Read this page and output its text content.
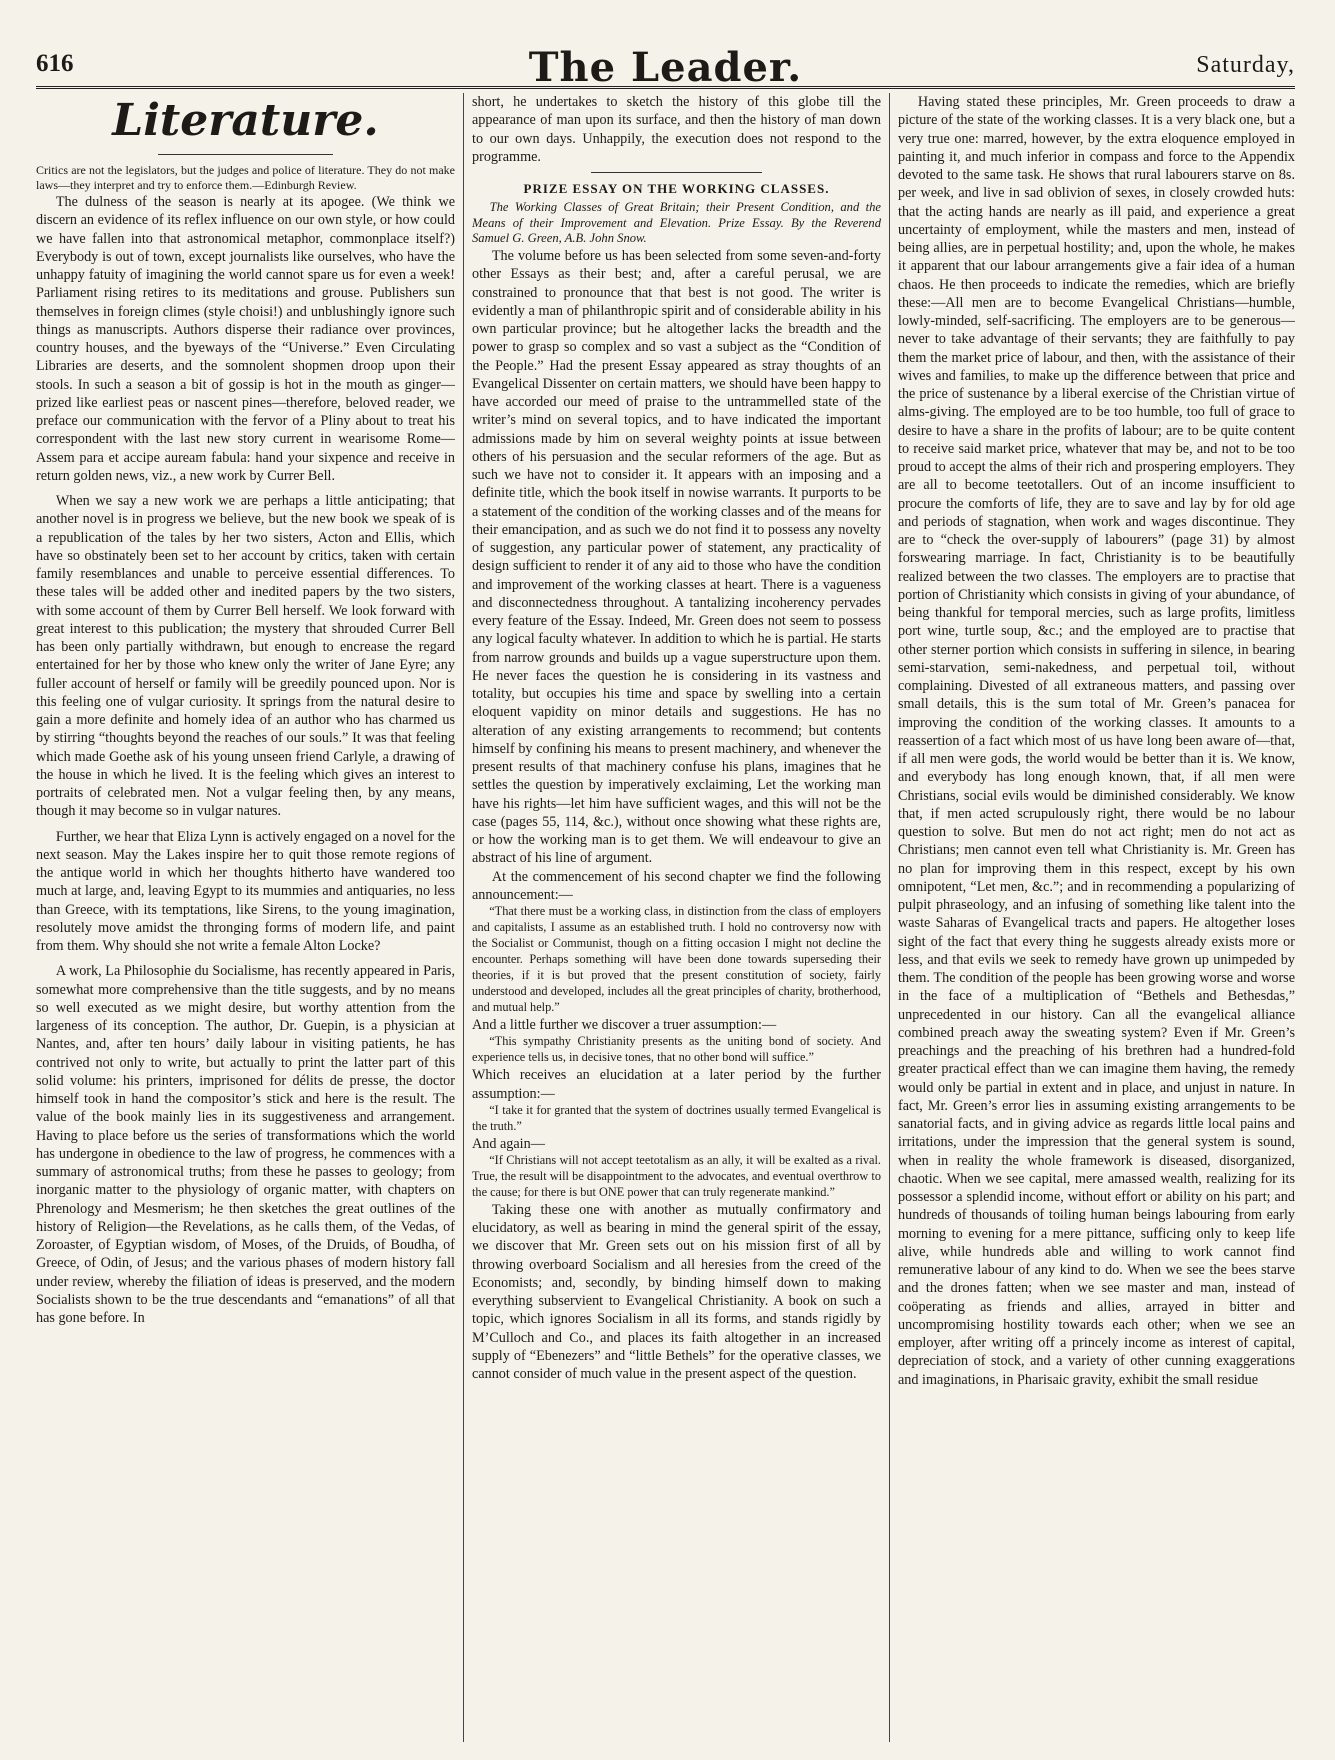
616	The Leader.	Saturday,
Literature.

Critics are not the legislators, but the judges and police of literature. They do not make laws—they interpret and try to enforce them.—Edinburgh Review.

The dulness of the season is nearly at its apogee. (We think we discern an evidence of its reflex influence on our own style, or how could we have fallen into that astronomical metaphor, commonplace itself?) Everybody is out of town, except journalists like ourselves, who have the unhappy fatuity of imagining the world cannot spare us for even a week! Parliament rising retires to its meditations and grouse. Publishers sun themselves in foreign climes (style choisi!) and unblushingly ignore such things as manuscripts. Authors disperse their radiance over provinces, country houses, and the byeways of the “Universe.” Even Circulating Libraries are deserts, and the somnolent shopmen droop upon their stools. In such a season a bit of gossip is hot in the mouth as ginger—prized like earliest peas or nascent pines—therefore, beloved reader, we preface our communication with the fervor of a Pliny about to treat his correspondent with the last new story current in wearisome Rome—Assem para et accipe auream fabula: hand your sixpence and receive in return golden news, viz., a new work by Currer Bell.

When we say a new work we are perhaps a little anticipating; that another novel is in progress we believe, but the new book we speak of is a republication of the tales by her two sisters, Acton and Ellis, which have so obstinately been set to her account by critics, taken with certain family resemblances and unable to perceive essential differences. To these tales will be added other and inedited papers by the two sisters, with some account of them by Currer Bell herself. We look forward with great interest to this publication; the mystery that shrouded Currer Bell has been only partially withdrawn, but enough to encrease the regard entertained for her by those who knew only the writer of Jane Eyre; any fuller account of herself or family will be greedily pounced upon. Nor is this feeling one of vulgar curiosity. It springs from the natural desire to gain a more definite and homely idea of an author who has charmed us by stirring “thoughts beyond the reaches of our souls.” It was that feeling which made Goethe ask of his young unseen friend Carlyle, a drawing of the house in which he lived. It is the feeling which gives an interest to portraits of celebrated men. Not a vulgar feeling then, by any means, though it may become so in vulgar natures.

Further, we hear that Eliza Lynn is actively engaged on a novel for the next season. May the Lakes inspire her to quit those remote regions of the antique world in which her thoughts hitherto have wandered too much at large, and, leaving Egypt to its mummies and antiquaries, no less than Greece, with its temptations, like Sirens, to the young imagination, resolutely move amidst the thronging forms of modern life, and paint from them. Why should she not write a female Alton Locke?

A work, La Philosophie du Socialisme, has recently appeared in Paris, somewhat more comprehensive than the title suggests, and by no means so well executed as we might desire, but worthy attention from the largeness of its conception. The author, Dr. Guepin, is a physician at Nantes, and, after ten hours’ daily labour in visiting patients, he has contrived not only to write, but actually to print the latter part of this solid volume: his printers, imprisoned for délits de presse, the doctor himself took in hand the compositor’s stick and here is the result. The value of the book mainly lies in its suggestiveness and arrangement. Having to place before us the series of transformations which the world has undergone in obedience to the law of progress, he commences with a summary of astronomical truths; from these he passes to geology; from inorganic matter to the physiology of organic matter, with chapters on Phrenology and Mesmerism; he then sketches the great outlines of the history of Religion—the Revelations, as he calls them, of the Vedas, of Zoroaster, of Egyptian wisdom, of Moses, of the Druids, of Boudha, of Greece, of Odin, of Jesus; and the various phases of modern history fall under review, whereby the filiation of ideas is preserved, and the modern Socialists shown to be the true descendants and “emanations” of all that has gone before. In

short, he undertakes to sketch the history of this globe till the appearance of man upon its surface, and then the history of man down to our own days. Unhappily, the execution does not respond to the programme.

PRIZE ESSAY ON THE WORKING CLASSES.

The Working Classes of Great Britain; their Present Condition, and the Means of their Improvement and Elevation. Prize Essay. By the Reverend Samuel G. Green, A.B. John Snow.

The volume before us has been selected from some seven-and-forty other Essays as their best; and, after a careful perusal, we are constrained to pronounce that that best is not good. The writer is evidently a man of philanthropic spirit and of considerable ability in his own particular province; but he altogether lacks the breadth and the power to grasp so complex and so vast a subject as the “Condition of the People.” Had the present Essay appeared as stray thoughts of an Evangelical Dissenter on certain matters, we should have been happy to have accorded our meed of praise to the untrammelled state of the writer’s mind on several topics, and to have indicated the important admissions made by him on several weighty points at issue between others of his persuasion and the secular reformers of the age. But as such we have not to consider it. It appears with an imposing and a definite title, which the book itself in nowise warrants. It purports to be a statement of the condition of the working classes and of the means for their emancipation, and as such we do not find it to possess any novelty of suggestion, any particular power of statement, any practicality of design sufficient to render it of any aid to those who have the condition and improvement of the working classes at heart. There is a vagueness and disconnectedness throughout. A tantalizing incoherency pervades every feature of the Essay. Indeed, Mr. Green does not seem to possess any logical faculty whatever. In addition to which he is partial. He starts from narrow grounds and builds up a vague superstructure upon them. He never faces the question he is considering in its vastness and totality, but occupies his time and space by swelling into a certain eloquent vapidity on minor details and suggestions. He has no alteration of any existing arrangements to recommend; but contents himself by confining his means to present machinery, and whenever the present results of that machinery confuse his plans, imagines that he settles the question by imperatively exclaiming, Let the working man have his rights—let him have sufficient wages, and this will not be the case (pages 55, 114, &c.), without once showing what these rights are, or how the working man is to get them. We will endeavour to give an abstract of his line of argument.

At the commencement of his second chapter we find the following announcement:—

“That there must be a working class, in distinction from the class of employers and capitalists, I assume as an established truth. I hold no controversy now with the Socialist or Communist, though on a fitting occasion I might not decline the encounter. Perhaps something will have been done towards superseding their theories, if it is but proved that the present constitution of society, fairly understood and developed, includes all the great principles of charity, brotherhood, and mutual help.”

And a little further we discover a truer assumption:—

“This sympathy Christianity presents as the uniting bond of society. And experience tells us, in decisive tones, that no other bond will suffice.”

Which receives an elucidation at a later period by the further assumption:—

“I take it for granted that the system of doctrines usually termed Evangelical is the truth.”

And again—

“If Christians will not accept teetotalism as an ally, it will be exalted as a rival. True, the result will be disappointment to the advocates, and eventual overthrow to the cause; for there is but ONE power that can truly regenerate mankind.”

Taking these one with another as mutually confirmatory and elucidatory, as well as bearing in mind the general spirit of the essay, we discover that Mr. Green sets out on his mission first of all by throwing overboard Socialism and all heresies from the creed of the Economists; and, secondly, by binding himself down to making everything subservient to Evangelical Christianity. A book on such a topic, which ignores Socialism in all its forms, and stands rigidly by M’Culloch and Co., and places its faith altogether in an increased supply of “Ebenezers” and “little Bethels” for the operative classes, we cannot consider of much value in the present aspect of the question.

Having stated these principles, Mr. Green proceeds to draw a picture of the state of the working classes. It is a very black one, but a very true one: marred, however, by the extra eloquence employed in painting it, and much inferior in compass and force to the Appendix devoted to the same task. He shows that rural labourers starve on 8s. per week, and live in sad oblivion of sexes, in closely crowded huts: that the acting hands are nearly as ill paid, and experience a great uncertainty of employment, while the masters and men, instead of being allies, are in perpetual hostility; and, upon the whole, he makes it apparent that our labour arrangements give a fair idea of a human chaos. He then proceeds to indicate the remedies, which are briefly these:—All men are to become Evangelical Christians—humble, lowly-minded, self-sacrificing. The employers are to be generous—never to take advantage of their servants; they are faithfully to pay them the market price of labour, and then, with the assistance of their wives and families, to make up the difference between that price and the price of sustenance by a liberal exercise of the Christian virtue of alms-giving. The employed are to be too humble, too full of grace to desire to have a share in the profits of labour; are to be quite content to receive said market price, whatever that may be, and not to be too proud to accept the alms of their rich and prospering employers. They are all to become teetotallers. Out of an income insufficient to procure the comforts of life, they are to save and lay by for old age and periods of stagnation, when work and wages discontinue. They are to “check the over-supply of labourers” (page 31) by almost forswearing marriage. In fact, Christianity is to be beautifully realized between the two classes. The employers are to practise that portion of Christianity which consists in giving of your abundance, of being thankful for temporal mercies, such as large profits, limitless port wine, turtle soup, &c.; and the employed are to practise that other sterner portion which consists in suffering in silence, in bearing semi-starvation, semi-nakedness, and perpetual toil, without complaining. Divested of all extraneous matters, and passing over small details, this is the sum total of Mr. Green’s panacea for improving the condition of the working classes. It amounts to a reassertion of a fact which most of us have long been aware of—that, if all men were gods, the world would be better than it is. We know, and everybody has long enough known, that, if all men were Christians, social evils would be diminished considerably. We know that, if men acted scrupulously right, there would be no labour question to solve. But men do not act right; men do not act as Christians; men cannot even tell what Christianity is. Mr. Green has no plan for improving them in this respect, except by his own omnipotent, “Let men, &c.”; and in recommending a popularizing of pulpit phraseology, and an infusing of something like talent into the waste Saharas of Evangelical tracts and papers. He altogether loses sight of the fact that every thing he suggests already exists more or less, and that evils we seek to remedy have grown up unimpeded by them. The condition of the people has been growing worse and worse in the face of a multiplication of “Bethels and Bethesdas,” unprecedented in our history. Can all the evangelical alliance combined preach away the sweating system? Even if Mr. Green’s preachings and the preaching of his brethren had a hundred-fold greater practical effect than we can imagine them having, the remedy would only be partial in extent and in place, and unjust in nature. In fact, Mr. Green’s error lies in assuming existing arrangements to be sanatorial facts, and in giving advice as regards little local pains and irritations, under the impression that the general system is sound, when in reality the whole framework is diseased, disorganized, chaotic. When we see capital, mere amassed wealth, realizing for its possessor a splendid income, without effort or ability on his part; and hundreds of thousands of toiling human beings labouring from early morning to evening for a mere pittance, sufficing only to keep life alive, while hundreds able and willing to work cannot find remunerative labour of any kind to do. When we see the bees starve and the drones fatten; when we see master and man, instead of coöperating as friends and allies, arrayed in bitter and uncompromising hostility towards each other; when we see an employer, after writing off a princely income as interest of capital, depreciation of stock, and a variety of other cunning exaggerations and imaginations, in Pharisaic gravity, exhibit the small residue
